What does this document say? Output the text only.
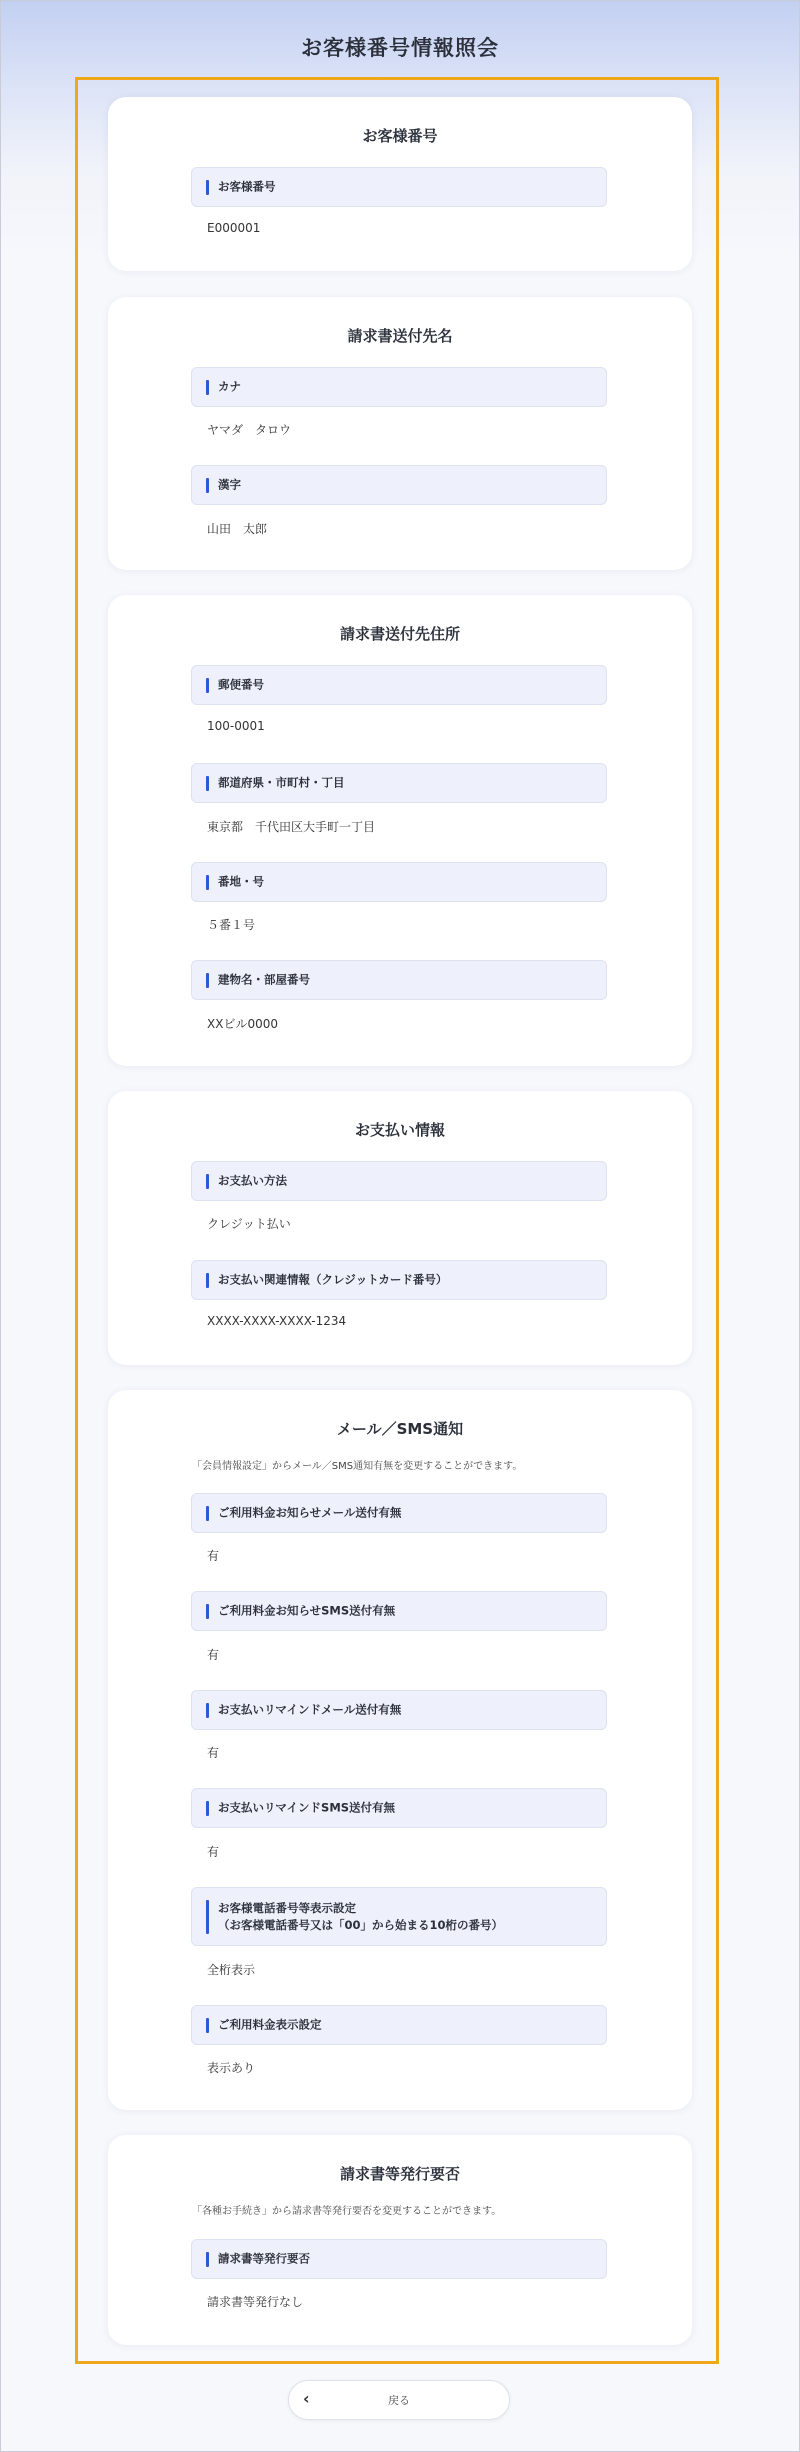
お客様番号情報照会
お客様番号
お客様番号
E000001
請求書送付先名
カナ
ヤマダ　タロウ
漢字
山田　太郎
請求書送付先住所
郵便番号
100-0001
都道府県・市町村・丁目
東京都　千代田区大手町一丁目
番地・号
５番１号
建物名・部屋番号
XXビル0000
お支払い情報
お支払い方法
クレジット払い
お支払い関連情報（クレジットカード番号）
XXXX-XXXX-XXXX-1234
メール／SMS通知
「会員情報設定」からメール／SMS通知有無を変更することができます。
ご利用料金お知らせメール送付有無
有
ご利用料金お知らせSMS送付有無
有
お支払いリマインドメール送付有無
有
お支払いリマインドSMS送付有無
有
お客様電話番号等表示設定
（お客様電話番号又は「00」から始まる10桁の番号）
全桁表示
ご利用料金表示設定
表示あり
請求書等発行要否
「各種お手続き」から請求書等発行要否を変更することができます。
請求書等発行要否
請求書等発行なし
‹	戻る
